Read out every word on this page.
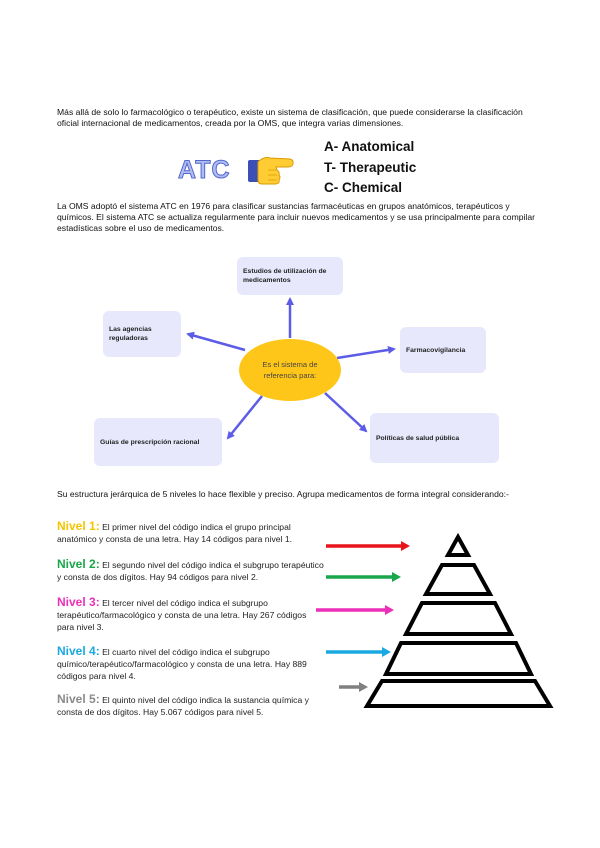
Más allá de solo lo farmacológico o terapéutico, existe un sistema de clasificación, que puede considerarse la clasificación oficial internacional de medicamentos, creada por la OMS, que integra varias dimensiones.

ATC
A- Anatomical
T- Therapeutic
C- Chemical

La OMS adoptó el sistema ATC en 1976 para clasificar sustancias farmacéuticas en grupos anatómicos, terapéuticos y químicos. El sistema ATC se actualiza regularmente para incluir nuevos medicamentos y se usa principalmente para compilar estadísticas sobre el uso de medicamentos.

Estudios de utilización de medicamentos
Las agencias reguladoras
Farmacovigilancia
Guías de prescripción racional
Políticas de salud pública
Es el sistema de referencia para:

Su estructura jerárquica de 5 niveles lo hace flexible y preciso. Agrupa medicamentos de forma integral considerando:-

Nivel 1: El primer nivel del código indica el grupo principal anatómico y consta de una letra. Hay 14 códigos para nivel 1.

Nivel 2: El segundo nivel del código indica el subgrupo terapéutico y consta de dos dígitos. Hay 94 códigos para nivel 2.

Nivel 3: El tercer nivel del código indica el subgrupo terapéutico/farmacológico y consta de una letra. Hay 267 códigos para nivel 3.

Nivel 4: El cuarto nivel del código indica el subgrupo químico/terapéutico/farmacológico y consta de una letra. Hay 889 códigos para nivel 4.

Nivel 5: El quinto nivel del código indica la sustancia química y consta de dos dígitos. Hay 5.067 códigos para nivel 5.
